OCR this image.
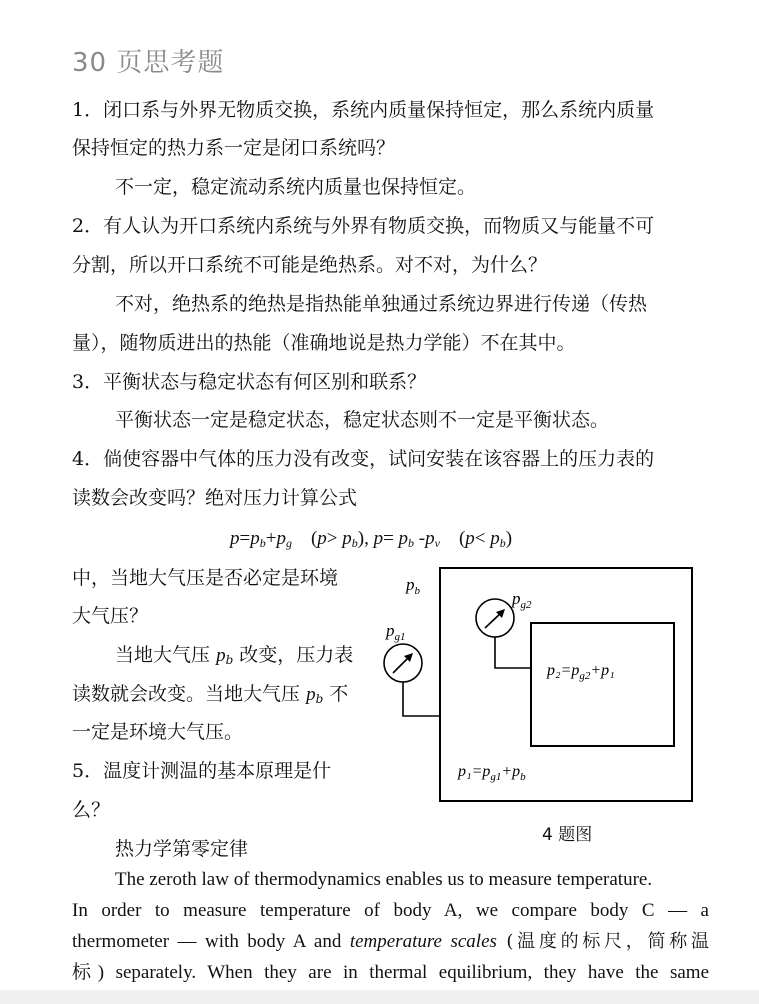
30 页思考题
1．闭口系与外界无物质交换，系统内质量保持恒定，那么系统内质量
保持恒定的热力系一定是闭口系统吗？
不一定，稳定流动系统内质量也保持恒定。
2．有人认为开口系统内系统与外界有物质交换，而物质又与能量不可
分割，所以开口系统不可能是绝热系。对不对，为什么？
不对，绝热系的绝热是指热能单独通过系统边界进行传递（传热
量），随物质进出的热能（准确地说是热力学能）不在其中。
3．平衡状态与稳定状态有何区别和联系？
平衡状态一定是稳定状态，稳定状态则不一定是平衡状态。
4．倘使容器中气体的压力没有改变，试问安装在该容器上的压力表的
读数会改变吗？绝对压力计算公式
$p=p_b+p_g$ $(p> p_b)$, $p= p_b$ $-p_v$ $(p< p_b)$
中，当地大气压是否必定是环境
大气压？
当地大气压 $p_b$ 改变，压力表
读数就会改变。当地大气压 $p_b$ 不
一定是环境大气压。
5．温度计测温的基本原理是什
么？
热力学第零定律
$p_b$
$p_{g1}$
$p_{g2}$
$p_2=p_{g2}+p_1$
$p_1=p_{g1}+p_b$
4 题图
The zeroth law of thermodynamics enables us to measure temperature.
In order to measure temperature of body A, we compare body C — a
thermometer — with body A and temperature scales (温度的标尺，简称温
标) separately. When they are in thermal equilibrium, they have the same
